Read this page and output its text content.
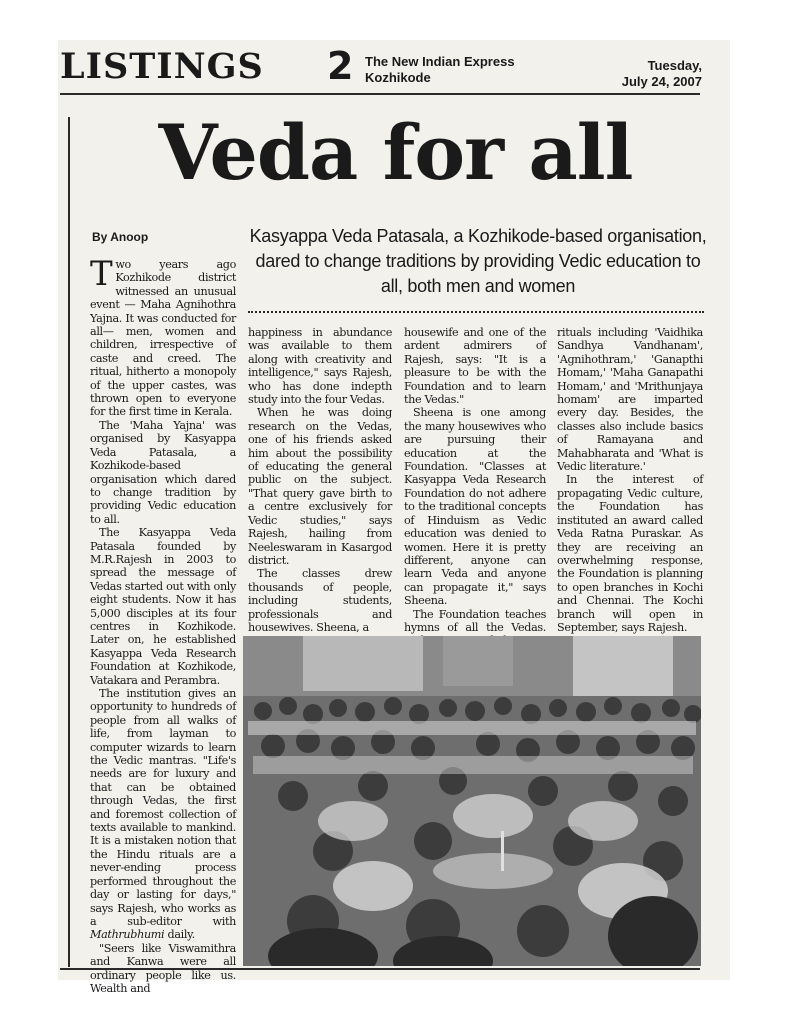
LISTINGS 2 The New Indian Express
Kozhikode
Tuesday,
July 24, 2007
Veda for all
By Anoop	Kasyappa Veda Patasala, a Kozhikode-based organisation, dared to change traditions by providing Vedic education to all, both men and women

Two years ago Kozhikode district witnessed an unusual event — Maha Agnihothra Yajna. It was conducted for all— men, women and children, irrespective of caste and creed. The ritual, hitherto a monopoly of the upper castes, was thrown open to everyone for the first time in Kerala.

The 'Maha Yajna' was organised by Kasyappa Veda Patasala, a Kozhikode-based organisation which dared to change tradition by providing Vedic education to all.

The Kasyappa Veda Patasala founded by M.R.Rajesh in 2003 to spread the message of Vedas started out with only eight students. Now it has 5,000 disciples at its four centres in Kozhikode. Later on, he established Kasyappa Veda Research Foundation at Kozhikode, Vatakara and Perambra.

The institution gives an opportunity to hundreds of people from all walks of life, from layman to computer wizards to learn the Vedic mantras. "Life's needs are for luxury and that can be obtained through Vedas, the first and foremost collection of texts available to mankind. It is a mistaken notion that the Hindu rituals are a never-ending process performed throughout the day or lasting for days," says Rajesh, who works as a sub-editor with Mathrubhumi daily.

"Seers like Viswamithra and Kanwa were all ordinary people like us. Wealth and

happiness in abundance was available to them along with creativity and intelligence," says Rajesh, who has done indepth study into the four Vedas.

When he was doing research on the Vedas, one of his friends asked him about the possibility of educating the general public on the subject. "That query gave birth to a centre exclusively for Vedic studies," says Rajesh, hailing from Neeleswaram in Kasargod district.

The classes drew thousands of people, including students, professionals and housewives. Sheena, a

housewife and one of the ardent admirers of Rajesh, says: "It is a pleasure to be with the Foundation and to learn the Vedas."

Sheena is one among the many housewives who are pursuing their education at the Foundation. "Classes at Kasyappa Veda Research Foundation do not adhere to the traditional concepts of Hinduism as Vedic education was denied to women. Here it is pretty different, anyone can learn Veda and anyone can propagate it," says Sheena.

The Foundation teaches hymns of all the Vedas.

rituals including 'Vaidhika Sandhya Vandhanam', 'Agnihothram,' 'Ganapthi Homam,' 'Maha Ganapathi Homam,' and 'Mrithunjaya homam' are imparted every day. Besides, the classes also include basics of Ramayana and Mahabharata and 'What is Vedic literature.'

In the interest of propagating Vedic culture, the Foundation has instituted an award called Veda Ratna Puraskar. As they are receiving an overwhelming response, the Foundation is planning to open branches in Kochi and Chennai. The Kochi branch will open in September, says Rajesh.
